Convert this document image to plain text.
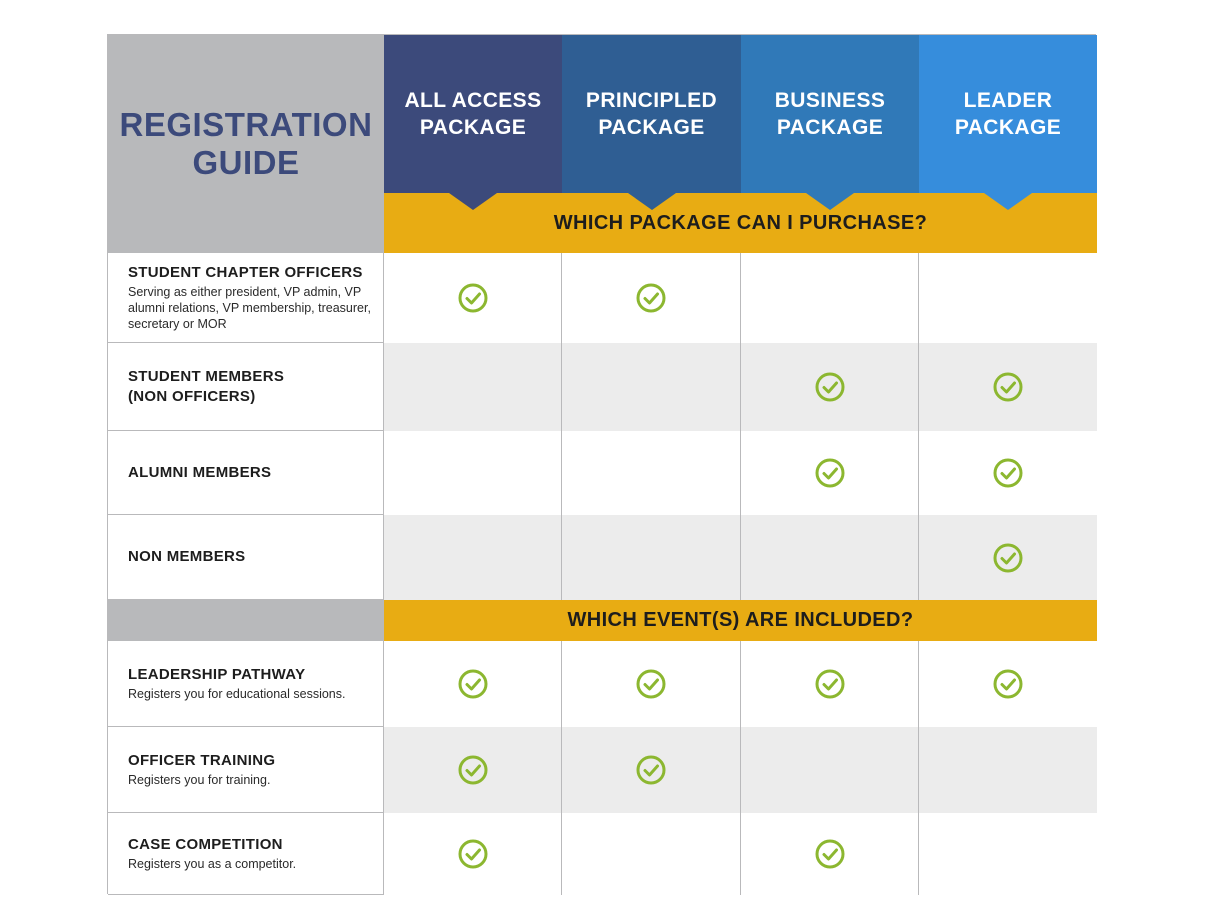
REGISTRATION
GUIDE
ALL ACCESS
PACKAGE
PRINCIPLED
PACKAGE
BUSINESS
PACKAGE
LEADER
PACKAGE
STUDENT CHAPTER OFFICERS
Serving as either president, VP admin, VP alumni relations, VP membership, treasurer, secretary or MOR
STUDENT MEMBERS
(NON OFFICERS)
ALUMNI MEMBERS
NON MEMBERS
LEADERSHIP PATHWAY
Registers you for educational sessions.
OFFICER TRAINING
Registers you for training.
CASE COMPETITION
Registers you as a competitor.
WHICH PACKAGE CAN I PURCHASE?
WHICH EVENT(S) ARE INCLUDED?
